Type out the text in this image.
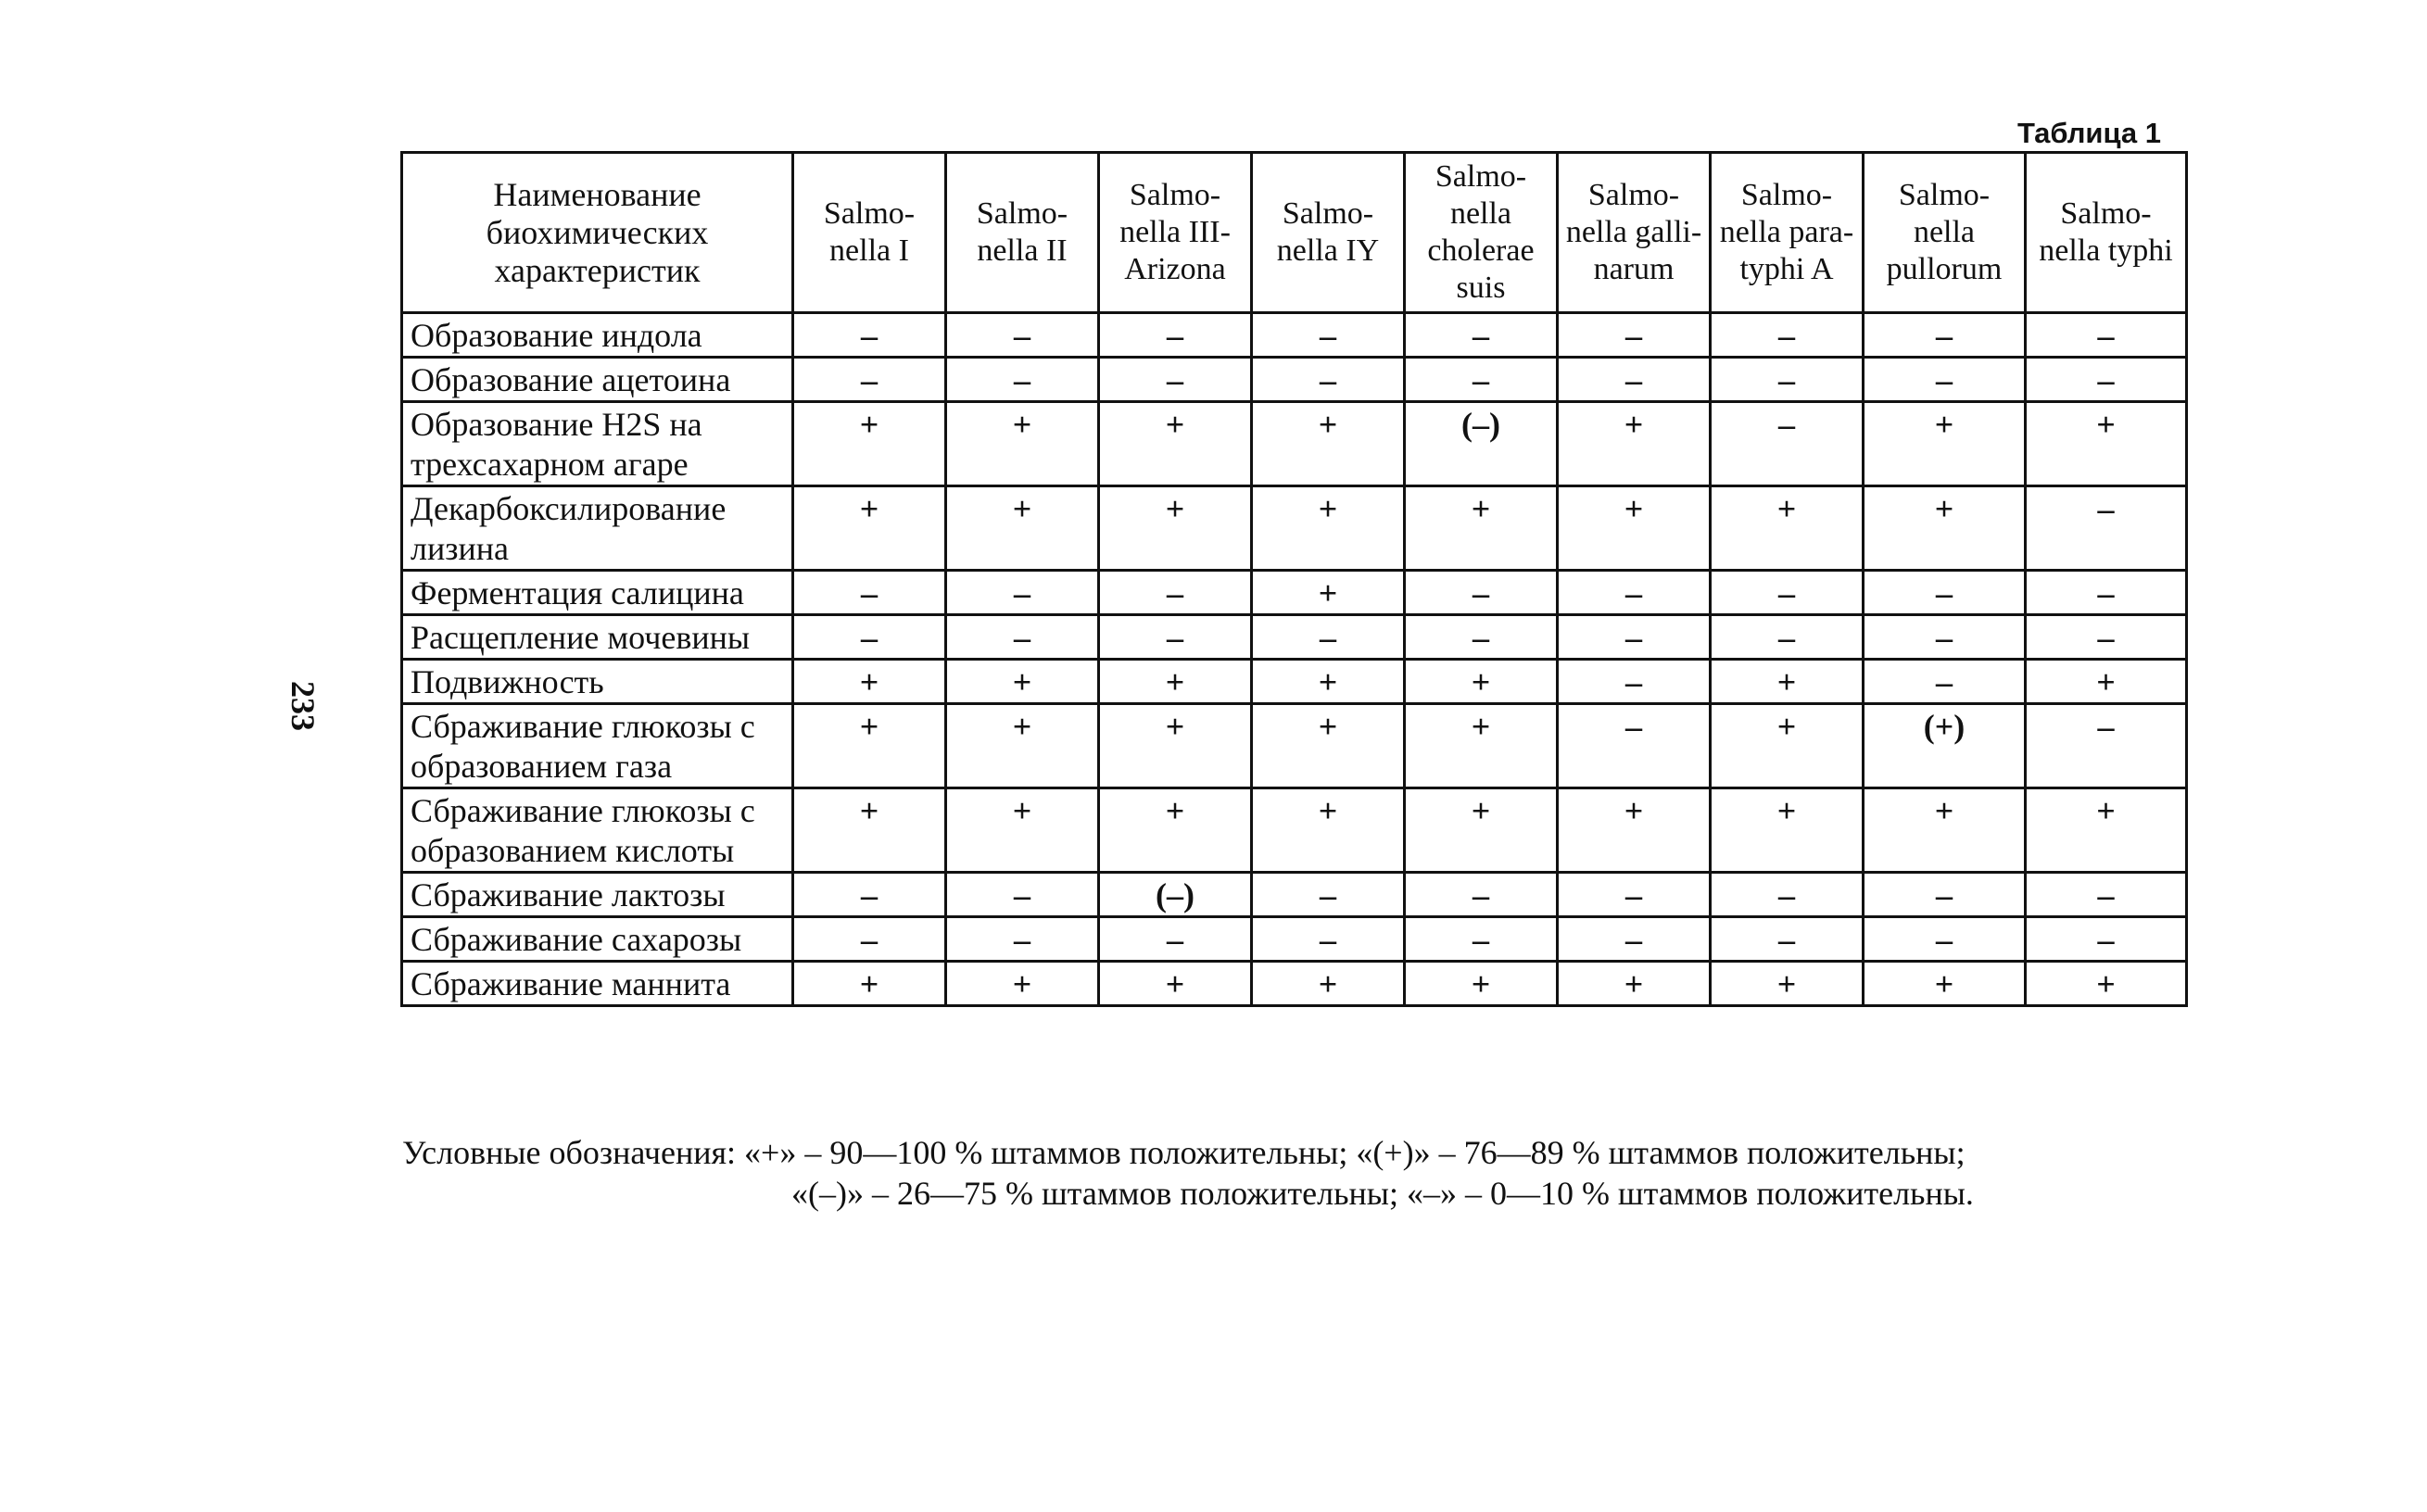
233
Таблица 1
Наименование биохимических характеристик	Salmo- nella I	Salmo- nella II	Salmo- nella III- Arizona	Salmo- nella IY	Salmo- nella cholerae suis	Salmo- nella galli- narum	Salmo- nella para- typhi A	Salmo- nella pullorum	Salmo- nella typhi
Образование индола	–	–	–	–	–	–	–	–	–
Образование ацетоина	–	–	–	–	–	–	–	–	–
Образование H2S на трехсахарном агаре	+	+	+	+	(–)	+	–	+	+
Декарбоксилирование лизина	+	+	+	+	+	+	+	+	–
Ферментация салицина	–	–	–	+	–	–	–	–	–
Расщепление мочевины	–	–	–	–	–	–	–	–	–
Подвижность	+	+	+	+	+	–	+	–	+
Сбраживание глюкозы с образованием газа	+	+	+	+	+	–	+	(+)	–
Сбраживание глюкозы с образованием кислоты	+	+	+	+	+	+	+	+	+
Сбраживание лактозы	–	–	(–)	–	–	–	–	–	–
Сбраживание сахарозы	–	–	–	–	–	–	–	–	–
Сбраживание маннита	+	+	+	+	+	+	+	+	+
Условные обозначения: «+» – 90—100 % штаммов положительны; «(+)» – 76—89 % штаммов положительны;
«(–)» – 26—75 % штаммов положительны; «–» – 0—10 % штаммов положительны.
